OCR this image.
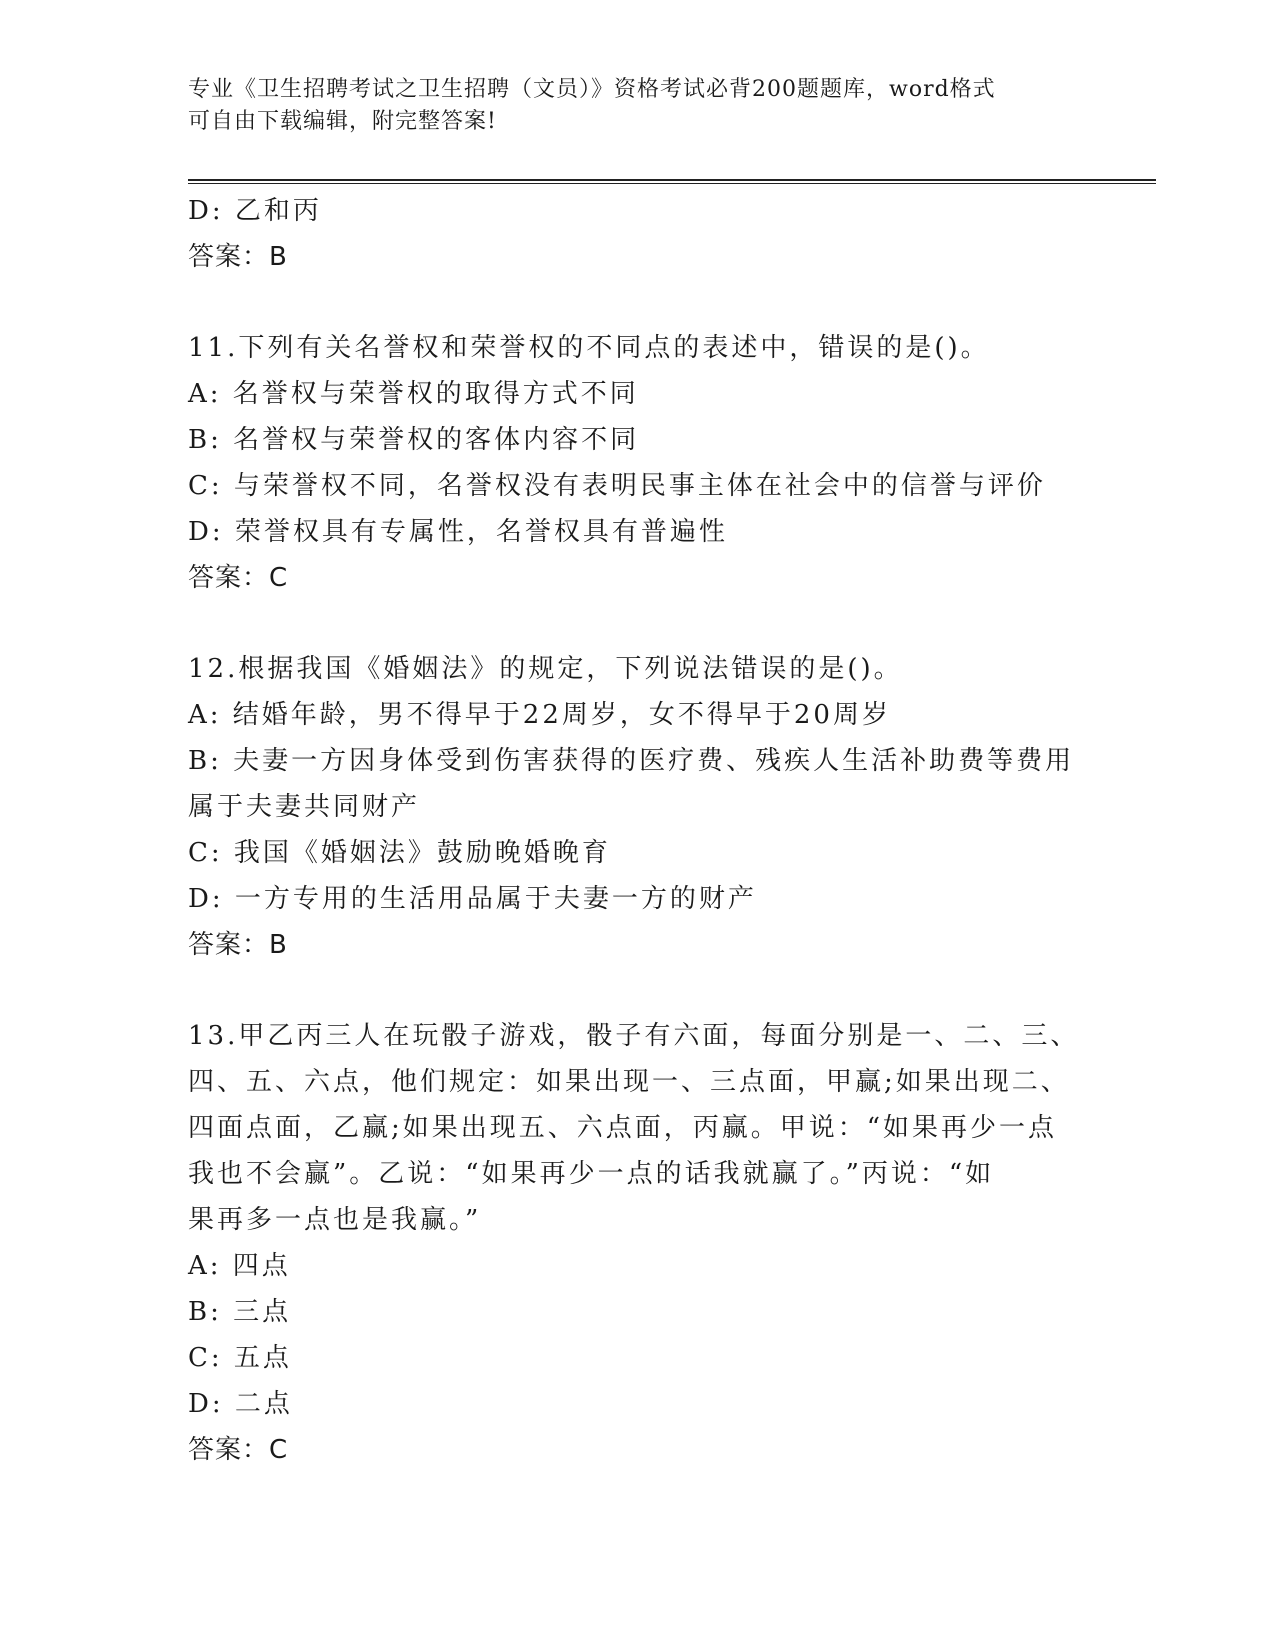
专业《卫生招聘考试之卫生招聘（文员）》资格考试必背200题题库，word格式
可自由下载编辑，附完整答案!
D: 乙和丙
答案：B
11.下列有关名誉权和荣誉权的不同点的表述中，错误的是()。
A: 名誉权与荣誉权的取得方式不同
B: 名誉权与荣誉权的客体内容不同
C: 与荣誉权不同，名誉权没有表明民事主体在社会中的信誉与评价
D: 荣誉权具有专属性，名誉权具有普遍性
答案：C
12.根据我国《婚姻法》的规定，下列说法错误的是()。
A: 结婚年龄，男不得早于22周岁，女不得早于20周岁
B: 夫妻一方因身体受到伤害获得的医疗费、残疾人生活补助费等费用
属于夫妻共同财产
C: 我国《婚姻法》鼓励晚婚晚育
D: 一方专用的生活用品属于夫妻一方的财产
答案：B
13.甲乙丙三人在玩骰子游戏，骰子有六面，每面分别是一、二、三、
四、五、六点，他们规定：如果出现一、三点面，甲赢;如果出现二、
四面点面，乙赢;如果出现五、六点面，丙赢。甲说：“如果再少一点
我也不会赢”。乙说：“如果再少一点的话我就赢了。”丙说：“如
果再多一点也是我赢。”
A: 四点
B: 三点
C: 五点
D: 二点
答案：C
